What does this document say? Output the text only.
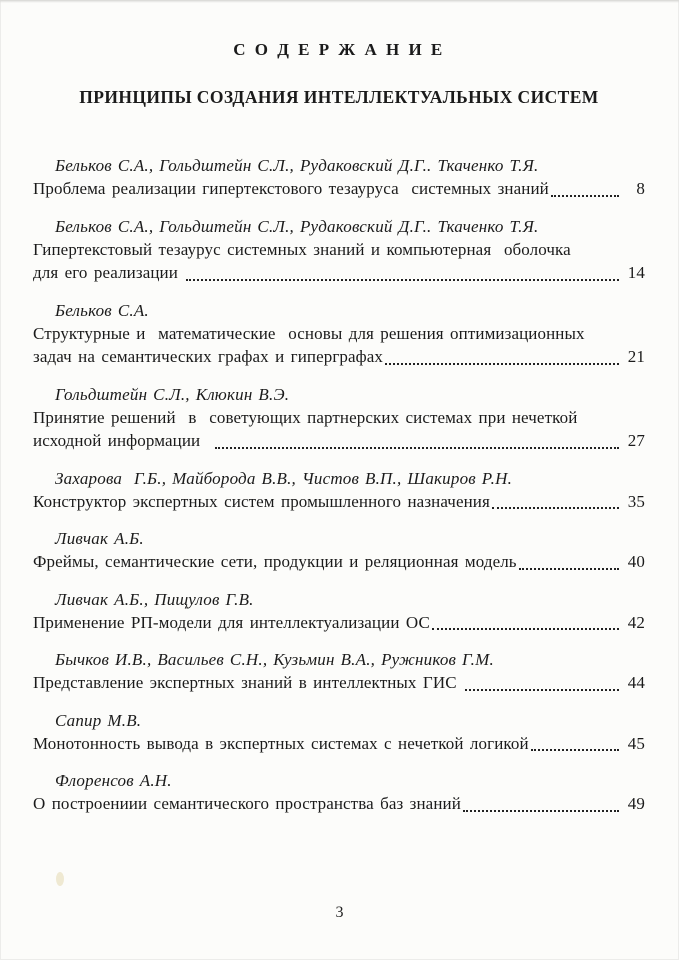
С О Д Е Р Ж А Н И Е
ПРИНЦИПЫ СОЗДАНИЯ ИНТЕЛЛЕКТУАЛЬНЫХ СИСТЕМ
Бельков С.А., Гольдштейн С.Л., Рудаковский Д.Г.. Ткаченко Т.Я.
Проблема реализации гипертекстового тезауруса  системных знаний	8
Бельков С.А., Гольдштейн С.Л., Рудаковский Д.Г.. Ткаченко Т.Я.
Гипертекстовый тезаурус системных знаний и компьютерная  оболочка
для его реализации	14
Бельков С.А.
Структурные и  математические  основы для решения оптимизационных
задач на семантических графах и гиперграфах	21
Гольдштейн С.Л., Клюкин В.Э.
Принятие решений  в  советующих партнерских системах при нечеткой
исходной информации	27
Захарова  Г.Б., Майборода В.В., Чистов В.П., Шакиров Р.Н.
Конструктор экспертных систем промышленного назначения	35
Ливчак А.Б.
Фреймы, семантические сети, продукции и реляционная модель	40
Ливчак А.Б., Пищулов Г.В.
Применение РП-модели для интеллектуализации ОС	42
Бычков И.В., Васильев С.Н., Кузьмин В.А., Ружников Г.М.
Представление экспертных знаний в интеллектных ГИС	44
Сапир М.В.
Монотонность вывода в экспертных системах с нечеткой логикой	45
Флоренсов А.Н.
О построениии семантического пространства баз знаний	49
3
